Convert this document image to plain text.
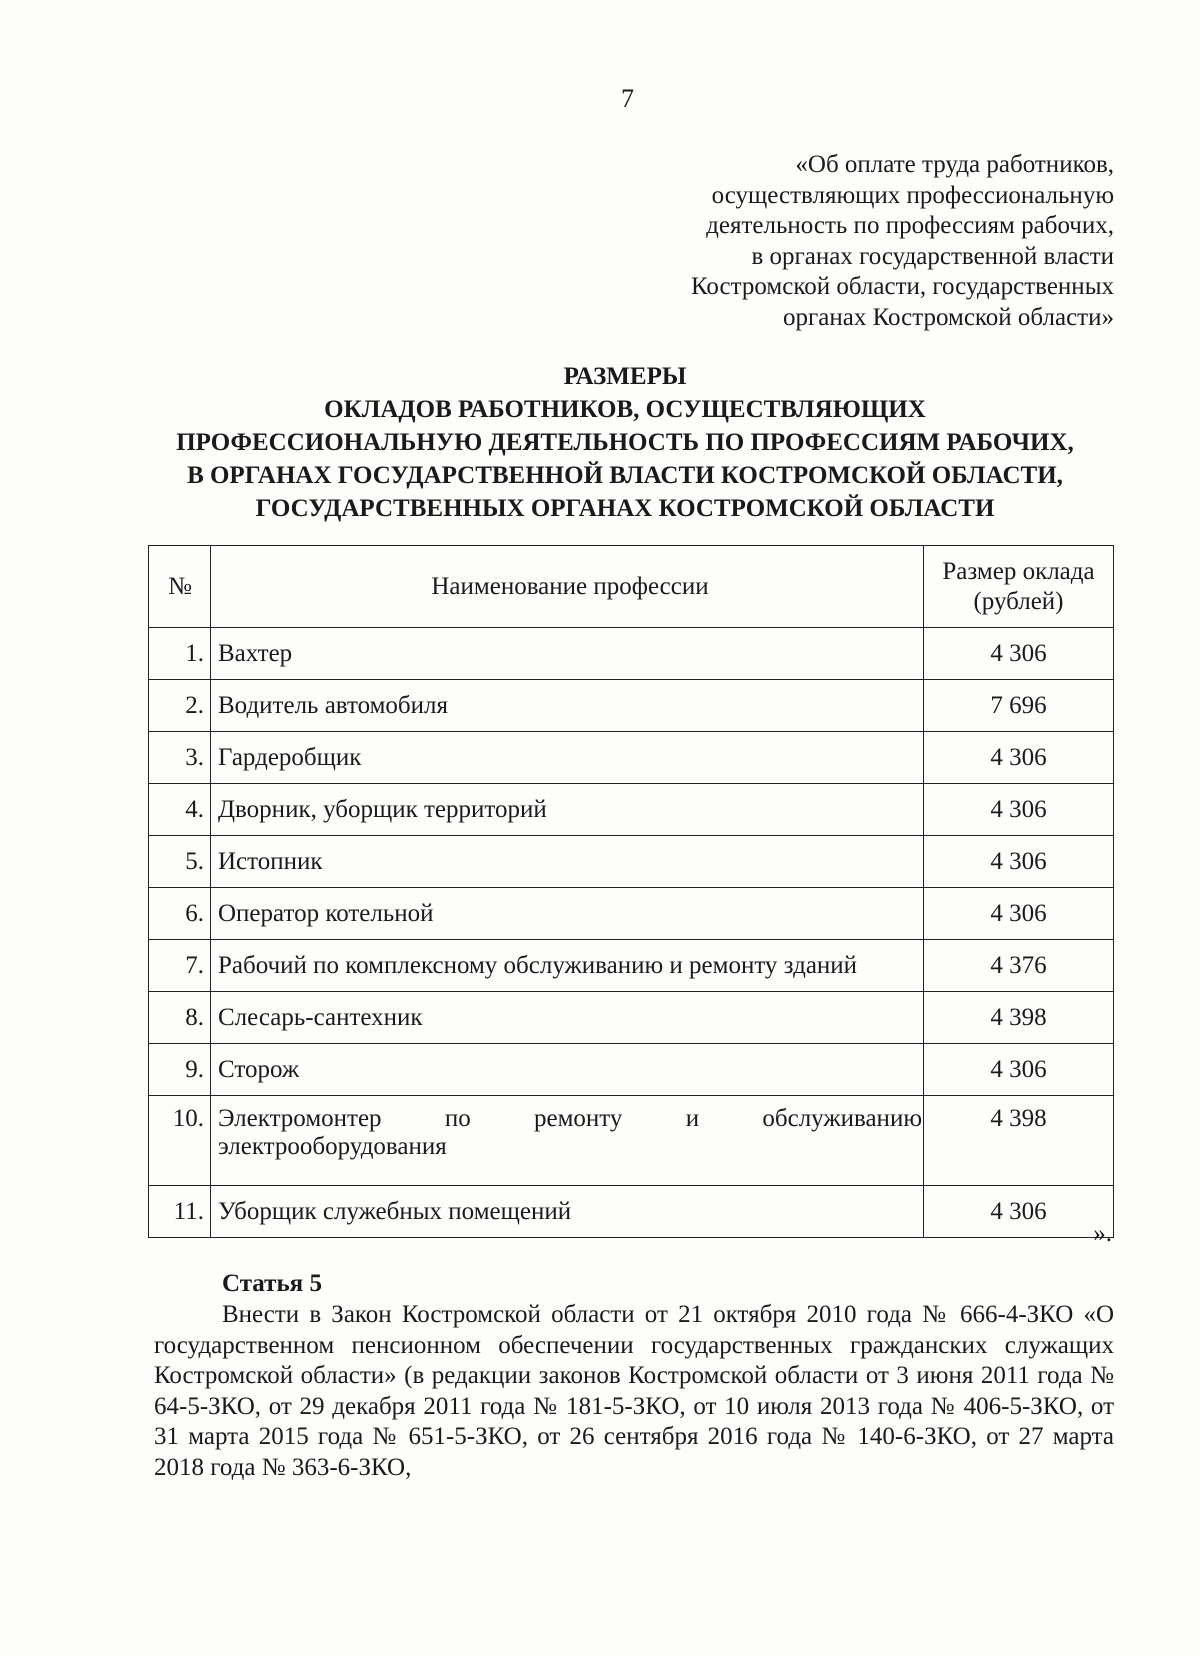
7
«Об оплате труда работников,
осуществляющих профессиональную
деятельность по профессиям рабочих,
в органах государственной власти
Костромской области, государственных
органах Костромской области»
РАЗМЕРЫ
ОКЛАДОВ РАБОТНИКОВ, ОСУЩЕСТВЛЯЮЩИХ
ПРОФЕССИОНАЛЬНУЮ ДЕЯТЕЛЬНОСТЬ ПО ПРОФЕССИЯМ РАБОЧИХ,
В ОРГАНАХ ГОСУДАРСТВЕННОЙ ВЛАСТИ КОСТРОМСКОЙ ОБЛАСТИ,
ГОСУДАРСТВЕННЫХ ОРГАНАХ КОСТРОМСКОЙ ОБЛАСТИ
№	Наименование профессии	Размер оклада
(рублей)

1.	Вахтер	4 306
2.	Водитель автомобиля	7 696
3.	Гардеробщик	4 306
4.	Дворник, уборщик территорий	4 306
5.	Истопник	4 306
6.	Оператор котельной	4 306
7.	Рабочий по комплексному обслуживанию и ремонту зданий	4 376
8.	Слесарь-сантехник	4 398
9.	Сторож	4 306
10.	Электромонтер по ремонту и обслуживанию электрооборудования	4 398
11.	Уборщик служебных помещений	4 306
».
Статья 5

Внести в Закон Костромской области от 21 октября 2010 года № 666-4-ЗКО «О государственном пенсионном обеспечении государственных гражданских служащих Костромской области» (в редакции законов Костромской области от 3 июня 2011 года № 64-5-ЗКО, от 29 декабря 2011 года № 181-5-ЗКО, от 10 июля 2013 года № 406-5-ЗКО, от 31 марта 2015 года № 651-5-ЗКО, от 26 сентября 2016 года № 140-6-ЗКО, от 27 марта 2018 года № 363-6-ЗКО,
